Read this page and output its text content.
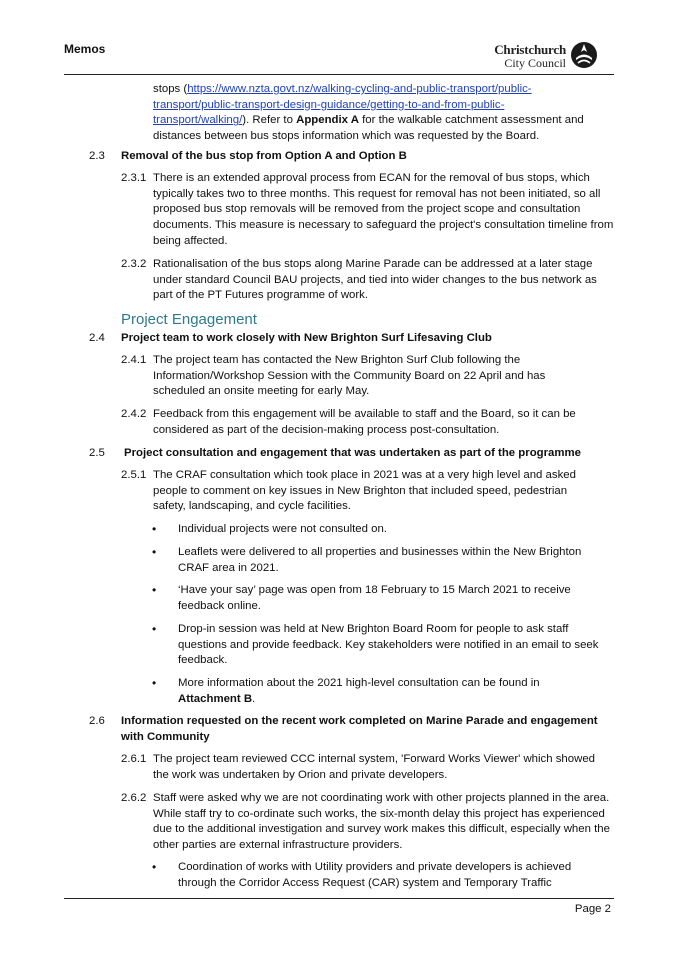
Memos	Christchurch
City Council
stops (https://www.nzta.govt.nz/walking-cycling-and-public-transport/public-
transport/public-transport-design-guidance/getting-to-and-from-public-
transport/walking/). Refer to Appendix A for the walkable catchment assessment and
distances between bus stops information which was requested by the Board.
2.3 Removal of the bus stop from Option A and Option B
2.3.1 There is an extended approval process from ECAN for the removal of bus stops, which typically takes two to three months. This request for removal has not been initiated, so all proposed bus stop removals will be removed from the project scope and consultation documents. This measure is necessary to safeguard the project's consultation timeline from being affected.
2.3.2 Rationalisation of the bus stops along Marine Parade can be addressed at a later stage under standard Council BAU projects, and tied into wider changes to the bus network as part of the PT Futures programme of work.
Project Engagement
2.4 Project team to work closely with New Brighton Surf Lifesaving Club
2.4.1 The project team has contacted the New Brighton Surf Club following the Information/Workshop Session with the Community Board on 22 April and has scheduled an onsite meeting for early May.
2.4.2 Feedback from this engagement will be available to staff and the Board, so it can be considered as part of the decision-making process post-consultation.
2.5 Project consultation and engagement that was undertaken as part of the programme
2.5.1 The CRAF consultation which took place in 2021 was at a very high level and asked people to comment on key issues in New Brighton that included speed, pedestrian safety, landscaping, and cycle facilities.
• Individual projects were not consulted on.
• Leaflets were delivered to all properties and businesses within the New Brighton CRAF area in 2021.
• ‘Have your say’ page was open from 18 February to 15 March 2021 to receive feedback online.
• Drop-in session was held at New Brighton Board Room for people to ask staff questions and provide feedback. Key stakeholders were notified in an email to seek feedback.
• More information about the 2021 high-level consultation can be found in
Attachment B.
2.6 Information requested on the recent work completed on Marine Parade and engagement with Community
2.6.1 The project team reviewed CCC internal system, 'Forward Works Viewer' which showed the work was undertaken by Orion and private developers.
2.6.2 Staff were asked why we are not coordinating work with other projects planned in the area. While staff try to co-ordinate such works, the six-month delay this project has experienced due to the additional investigation and survey work makes this difficult, especially when the other parties are external infrastructure providers.
• Coordination of works with Utility providers and private developers is achieved through the Corridor Access Request (CAR) system and Temporary Traffic
Page 2
